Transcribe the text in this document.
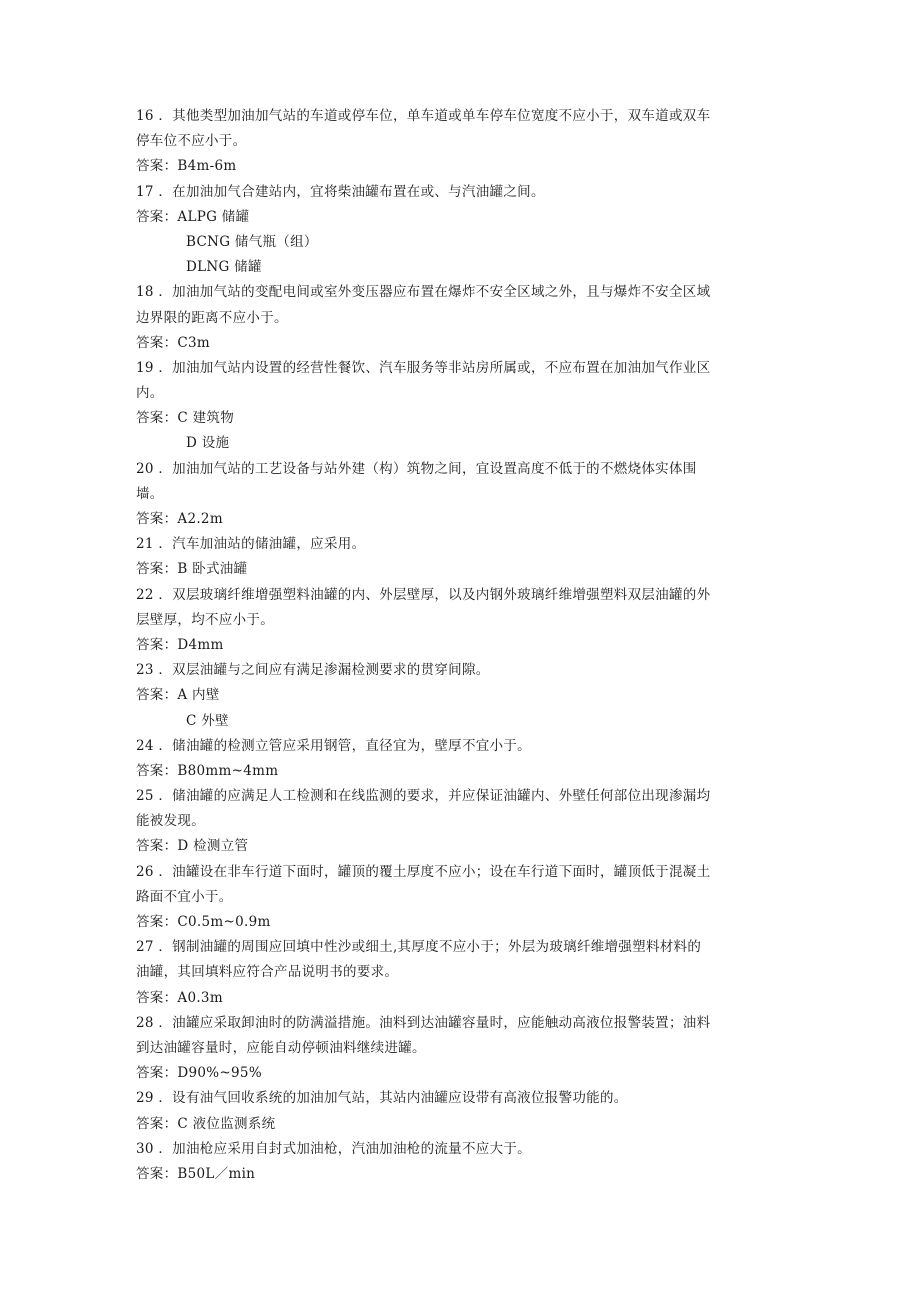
16 ．其他类型加油加气站的车道或停车位，单车道或单车停车位宽度不应小于，双车道或双车
停车位不应小于。
答案：B4m-6m
17 ．在加油加气合建站内，宜将柴油罐布置在或、与汽油罐之间。
答案：ALPG 储罐
BCNG 储气瓶（组）
DLNG 储罐
18 ．加油加气站的变配电间或室外变压器应布置在爆炸不安全区域之外，且与爆炸不安全区域
边界限的距离不应小于。
答案：C3m
19 ．加油加气站内设置的经营性餐饮、汽车服务等非站房所属或，不应布置在加油加气作业区
内。
答案：C 建筑物
D 设施
20 ．加油加气站的工艺设备与站外建（构）筑物之间，宜设置高度不低于的不燃烧体实体围
墙。
答案：A2.2m
21 ．汽车加油站的储油罐，应采用。
答案：B 卧式油罐
22 ．双层玻璃纤维增强塑料油罐的内、外层壁厚，以及内钢外玻璃纤维增强塑料双层油罐的外
层壁厚，均不应小于。
答案：D4mm
23 ．双层油罐与之间应有满足渗漏检测要求的贯穿间隙。
答案：A 内壁
C 外壁
24 ．储油罐的检测立管应采用钢管，直径宜为，壁厚不宜小于。
答案：B80mm~4mm
25 ．储油罐的应满足人工检测和在线监测的要求，并应保证油罐内、外壁任何部位出现渗漏均
能被发现。
答案：D 检测立管
26 ．油罐设在非车行道下面时，罐顶的覆土厚度不应小；设在车行道下面时，罐顶低于混凝土
路面不宜小于。
答案：C0.5m~0.9m
27 ．钢制油罐的周围应回填中性沙或细土,其厚度不应小于；外层为玻璃纤维增强塑料材料的
油罐，其回填料应符合产品说明书的要求。
答案：A0.3m
28 ．油罐应采取卸油时的防满溢措施。油料到达油罐容量时，应能触动高液位报警装置；油料
到达油罐容量时，应能自动停顿油料继续进罐。
答案：D90%~95%
29 ．设有油气回收系统的加油加气站，其站内油罐应设带有高液位报警功能的。
答案：C 液位监测系统
30 ．加油枪应采用自封式加油枪，汽油加油枪的流量不应大于。
答案：B50L／min
